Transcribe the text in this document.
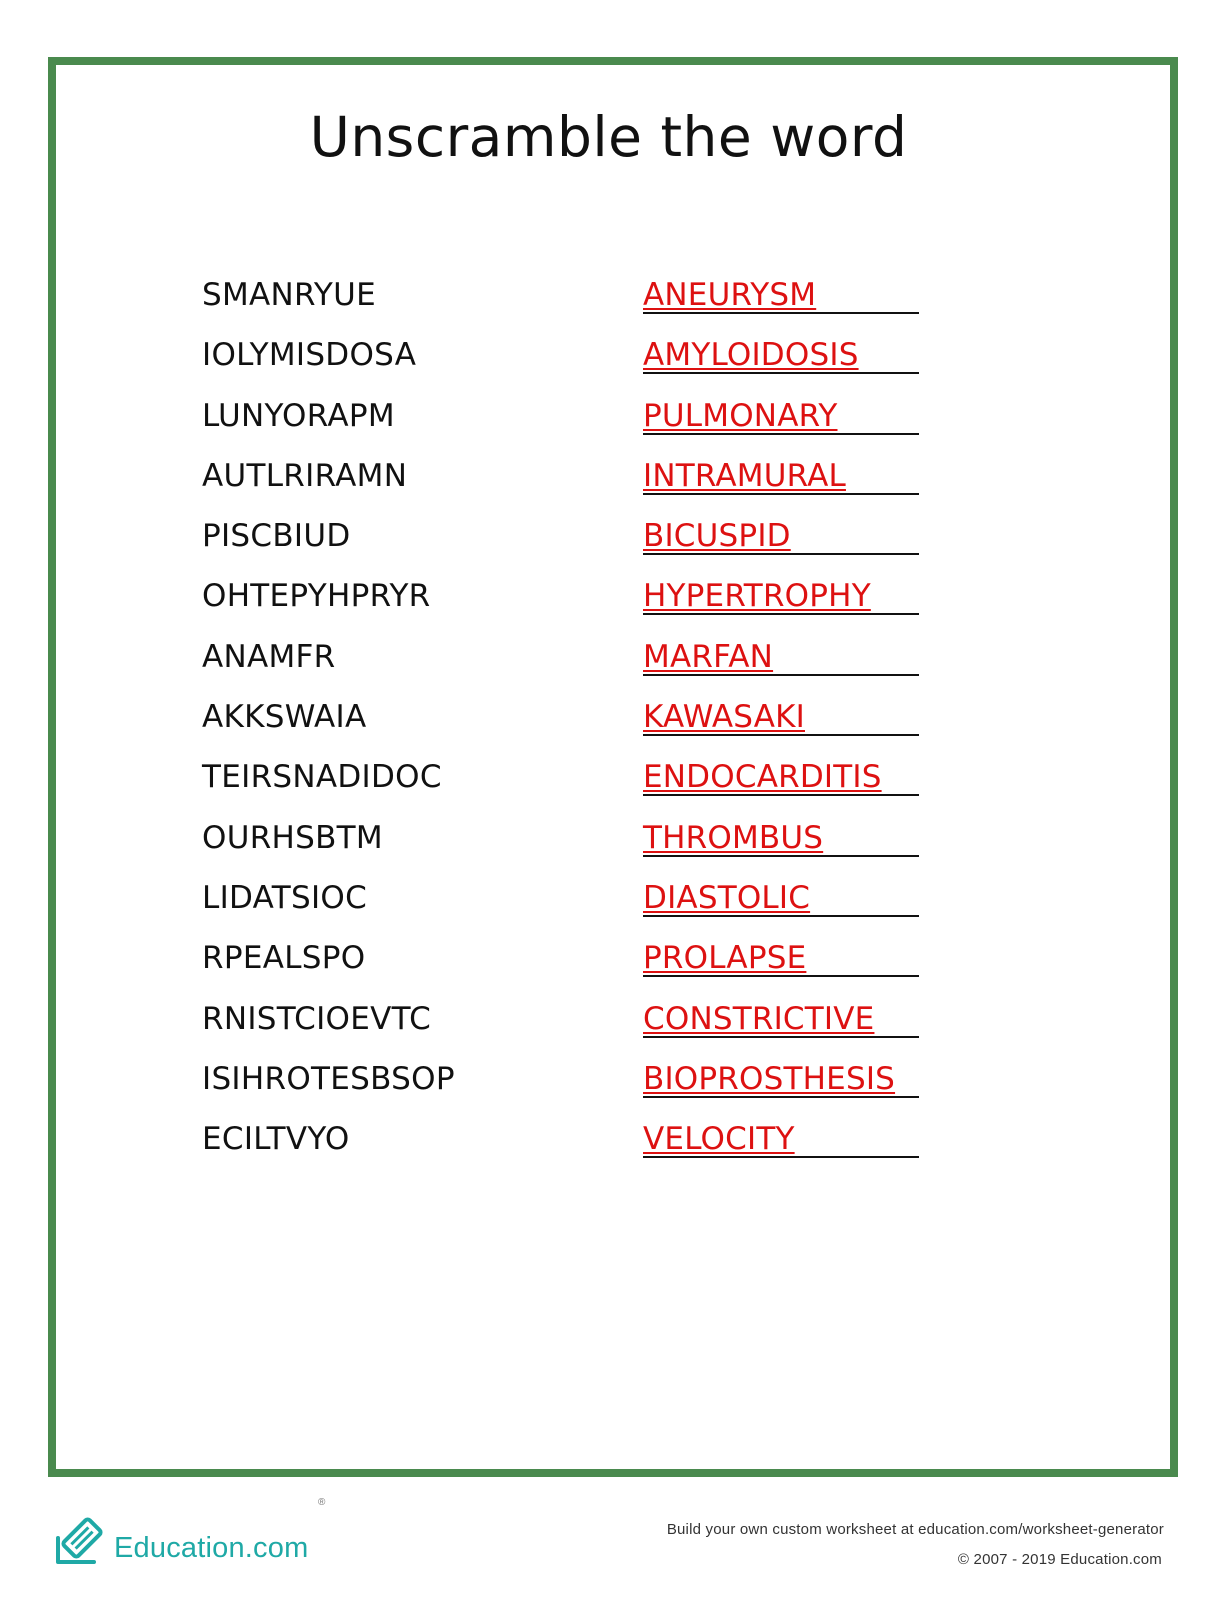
Unscramble the word
SMANRYUE	ANEURYSM
IOLYMISDOSA	AMYLOIDOSIS
LUNYORAPM	PULMONARY
AUTLRIRAMN	INTRAMURAL
PISCBIUD	BICUSPID
OHTEPYHPRYR	HYPERTROPHY
ANAMFR	MARFAN
AKKSWAIA	KAWASAKI
TEIRSNADIDOC	ENDOCARDITIS
OURHSBTM	THROMBUS
LIDATSIOC	DIASTOLIC
RPEALSPO	PROLAPSE
RNISTCIOEVTC	CONSTRICTIVE
ISIHROTESBSOP	BIOPROSTHESIS
ECILTVYO	VELOCITY
Education.com
®
Build your own custom worksheet at education.com/worksheet-generator
© 2007 - 2019 Education.com
